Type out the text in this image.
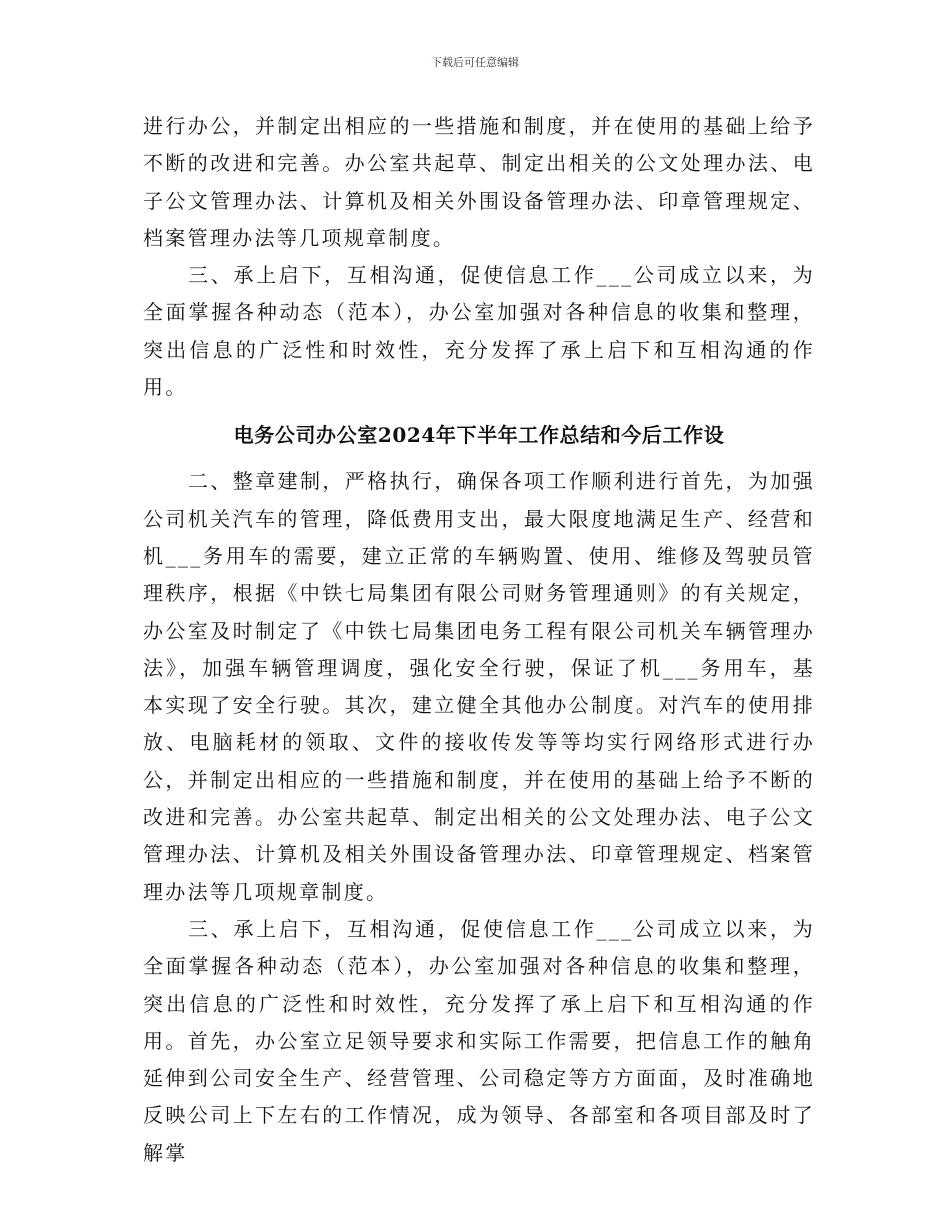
下载后可任意编辑

进行办公，并制定出相应的一些措施和制度，并在使用的基础上给予不断的改进和完善。办公室共起草、制定出相关的公文处理办法、电子公文管理办法、计算机及相关外围设备管理办法、印章管理规定、档案管理办法等几项规章制度。

三、承上启下，互相沟通，促使信息工作___公司成立以来，为全面掌握各种动态（范本），办公室加强对各种信息的收集和整理，突出信息的广泛性和时效性，充分发挥了承上启下和互相沟通的作用。

电务公司办公室2024年下半年工作总结和今后工作设

二、整章建制，严格执行，确保各项工作顺利进行首先，为加强公司机关汽车的管理，降低费用支出，最大限度地满足生产、经营和机___务用车的需要，建立正常的车辆购置、使用、维修及驾驶员管理秩序，根据《中铁七局集团有限公司财务管理通则》的有关规定，办公室及时制定了《中铁七局集团电务工程有限公司机关车辆管理办法》，加强车辆管理调度，强化安全行驶，保证了机___务用车，基本实现了安全行驶。其次，建立健全其他办公制度。对汽车的使用排放、电脑耗材的领取、文件的接收传发等等均实行网络形式进行办公，并制定出相应的一些措施和制度，并在使用的基础上给予不断的改进和完善。办公室共起草、制定出相关的公文处理办法、电子公文管理办法、计算机及相关外围设备管理办法、印章管理规定、档案管理办法等几项规章制度。

三、承上启下，互相沟通，促使信息工作___公司成立以来，为全面掌握各种动态（范本），办公室加强对各种信息的收集和整理，突出信息的广泛性和时效性，充分发挥了承上启下和互相沟通的作用。首先，办公室立足领导要求和实际工作需要，把信息工作的触角延伸到公司安全生产、经营管理、公司稳定等方方面面，及时准确地反映公司上下左右的工作情况，成为领导、各部室和各项目部及时了解掌
